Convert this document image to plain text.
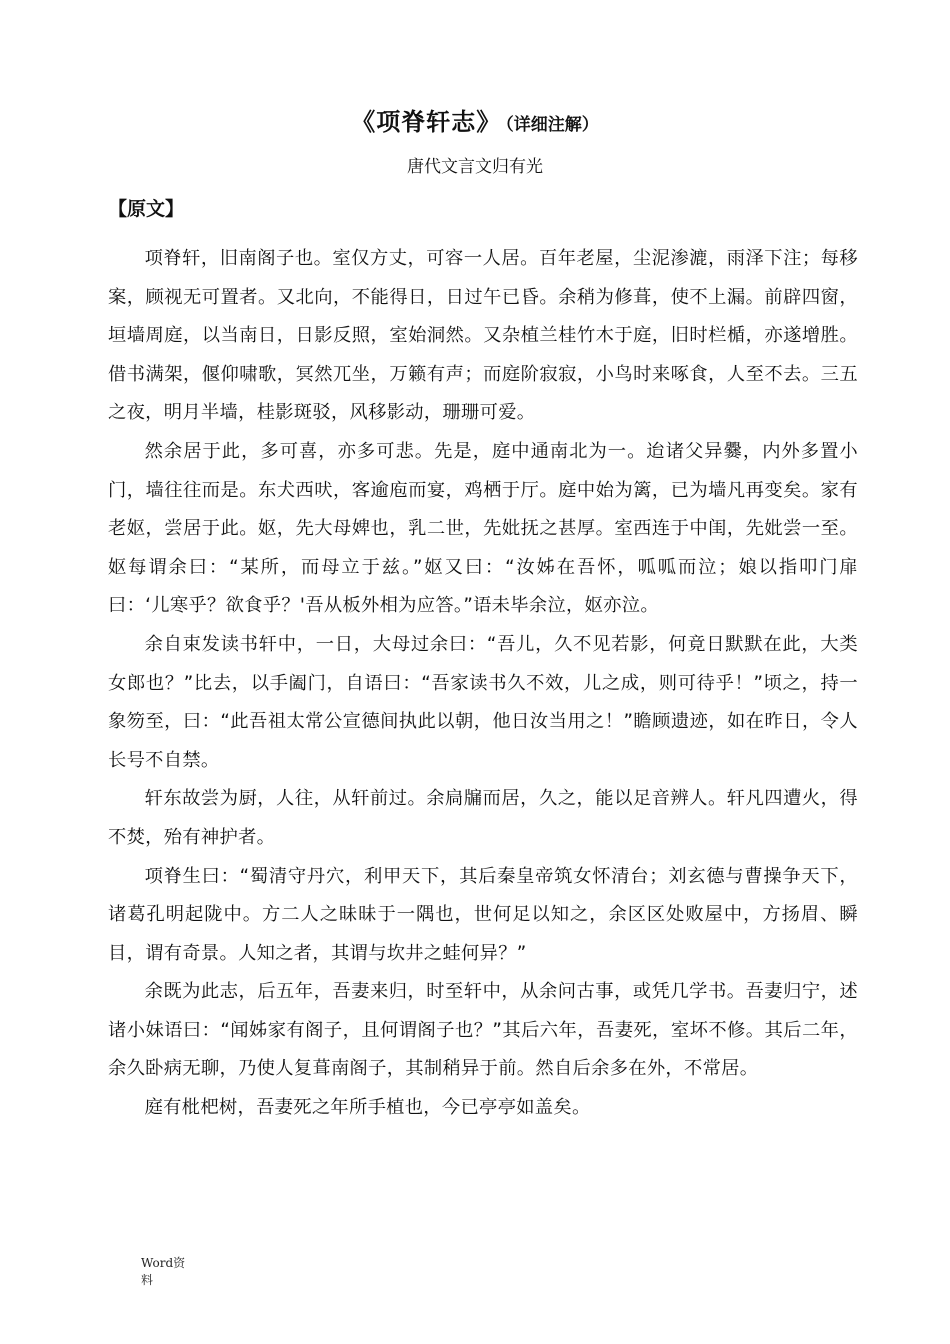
《项脊轩志》 （详细注解）
唐代文言文归有光
【原文】

项脊轩，旧南阁子也。室仅方丈，可容一人居。百年老屋，尘泥渗漉，雨泽下注；每移案，顾视无可置者。又北向，不能得日，日过午已昏。余稍为修葺，使不上漏。前辟四窗，垣墙周庭，以当南日，日影反照，室始洞然。又杂植兰桂竹木于庭，旧时栏楯，亦遂增胜。借书满架，偃仰啸歌，冥然兀坐，万籁有声；而庭阶寂寂，小鸟时来啄食，人至不去。三五之夜，明月半墙，桂影斑驳，风移影动，珊珊可爱。

然余居于此，多可喜，亦多可悲。先是，庭中通南北为一。迨诸父异爨，内外多置小门，墙往往而是。东犬西吠，客逾庖而宴，鸡栖于厅。庭中始为篱，已为墙凡再变矣。家有老妪，尝居于此。妪，先大母婢也，乳二世，先妣抚之甚厚。室西连于中闺，先妣尝一至。妪每谓余曰：“某所，而母立于兹。”妪又曰：“汝姊在吾怀，呱呱而泣；娘以指叩门扉曰：‘儿寒乎？欲食乎？'吾从板外相为应答。”语未毕余泣，妪亦泣。

余自束发读书轩中，一日，大母过余曰：“吾儿，久不见若影，何竟日默默在此，大类女郎也？”比去，以手阖门，自语曰：“吾家读书久不效，儿之成，则可待乎！”顷之，持一象笏至，曰：“此吾祖太常公宣德间执此以朝，他日汝当用之！”瞻顾遗迹，如在昨日，令人长号不自禁。

轩东故尝为厨，人往，从轩前过。余扃牖而居，久之，能以足音辨人。轩凡四遭火，得不焚，殆有神护者。

项脊生曰：“蜀清守丹穴，利甲天下，其后秦皇帝筑女怀清台；刘玄德与曹操争天下，诸葛孔明起陇中。方二人之昧昧于一隅也，世何足以知之，余区区处败屋中，方扬眉、瞬目，谓有奇景。人知之者，其谓与坎井之蛙何异？”

余既为此志，后五年，吾妻来归，时至轩中，从余问古事，或凭几学书。吾妻归宁，述诸小妹语曰：“闻姊家有阁子，且何谓阁子也？”其后六年，吾妻死，室坏不修。其后二年，余久卧病无聊，乃使人复葺南阁子，其制稍异于前。然自后余多在外，不常居。

庭有枇杷树，吾妻死之年所手植也，今已亭亭如盖矣。

Word资料
